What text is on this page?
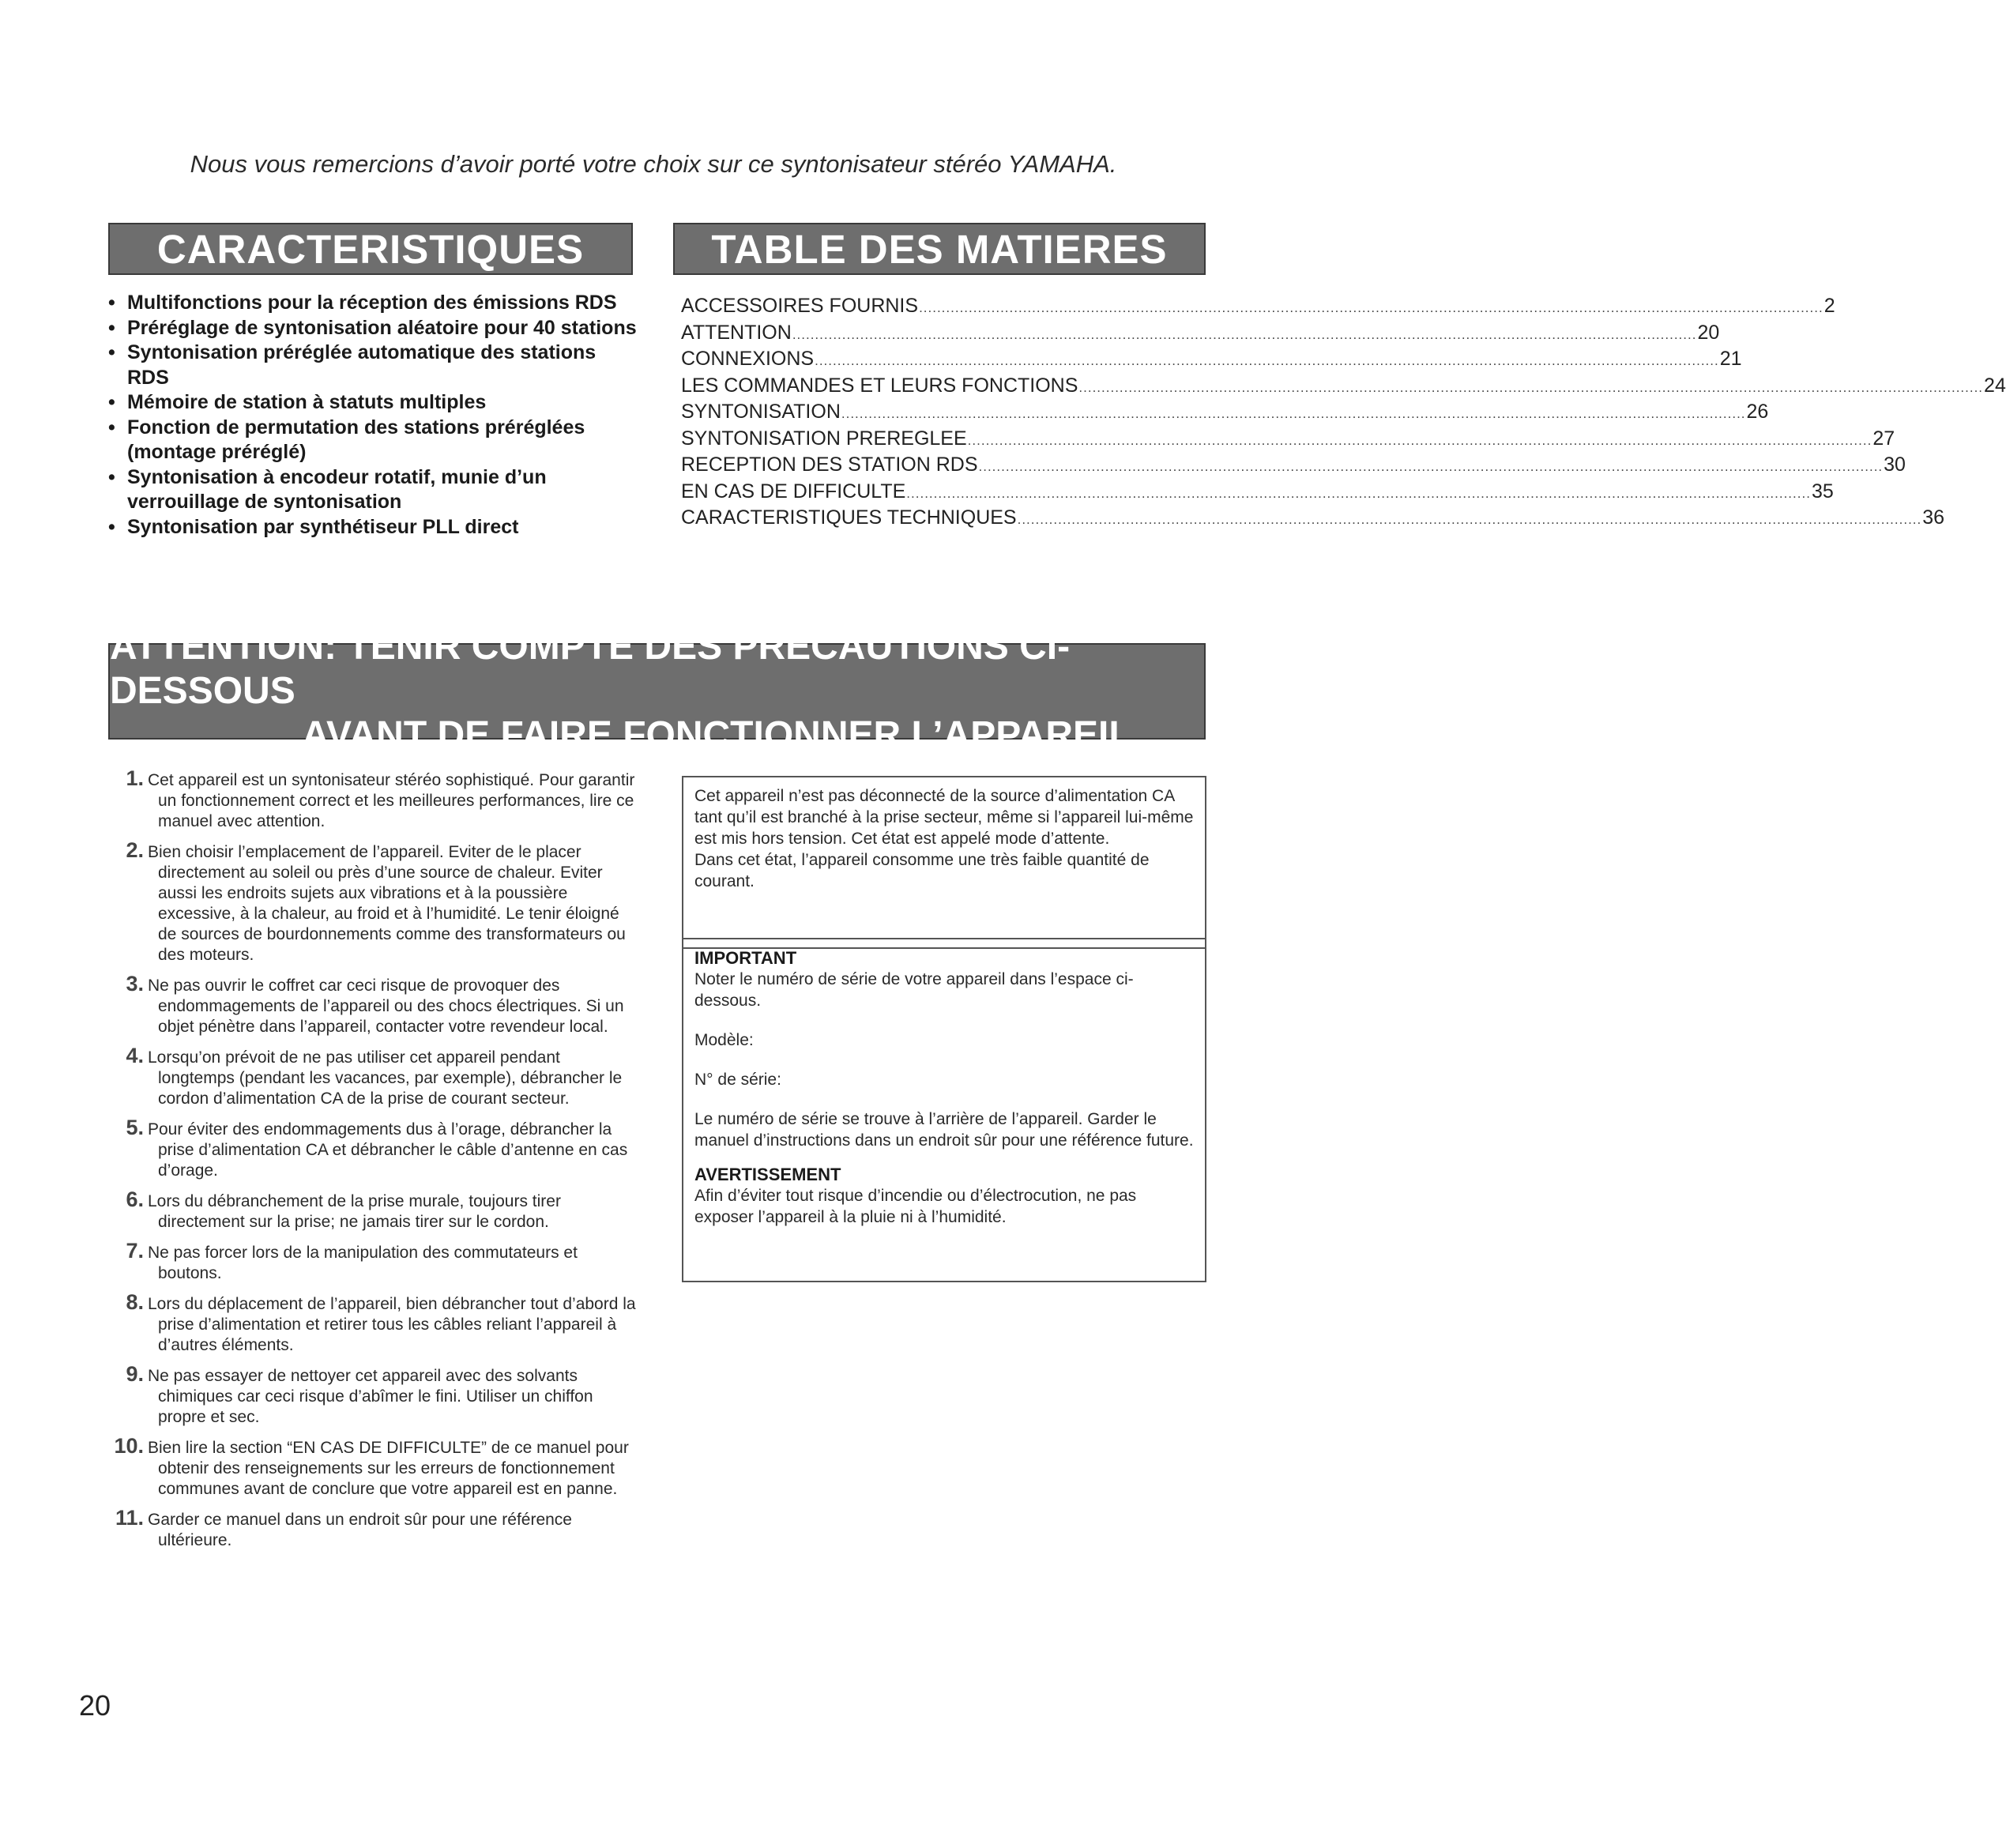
Nous vous remercions d’avoir porté votre choix sur ce syntonisateur stéréo YAMAHA.
CARACTERISTIQUES	TABLE DES MATIERES
• Multifonctions pour la réception des émissions RDS
• Préréglage de syntonisation aléatoire pour 40 stations
• Syntonisation préréglée automatique des stations RDS
• Mémoire de station à statuts multiples
• Fonction de permutation des stations préréglées (montage préréglé)
• Syntonisation à encodeur rotatif, munie d’un verrouillage de syntonisation
• Syntonisation par synthétiseur PLL direct
ACCESSOIRES FOURNIS ........................................................................................................................................................................................................ 2
ATTENTION ........................................................................................................................................................................................................ 20
CONNEXIONS ........................................................................................................................................................................................................ 21
LES COMMANDES ET LEURS FONCTIONS ........................................................................................................................................................................................................ 24
SYNTONISATION ........................................................................................................................................................................................................ 26
SYNTONISATION PREREGLEE ........................................................................................................................................................................................................ 27
RECEPTION DES STATION RDS ........................................................................................................................................................................................................ 30
EN CAS DE DIFFICULTE ........................................................................................................................................................................................................ 35
CARACTERISTIQUES TECHNIQUES ........................................................................................................................................................................................................ 36
ATTENTION: TENIR COMPTE DES PRECAUTIONS CI-DESSOUS
AVANT DE FAIRE FONCTIONNER L’APPAREIL.
1. Cet appareil est un syntonisateur stéréo sophistiqué. Pour garantir un fonctionnement correct et les meilleures performances, lire ce manuel avec attention.
2. Bien choisir l’emplacement de l’appareil. Eviter de le placer directement au soleil ou près d’une source de chaleur. Eviter aussi les endroits sujets aux vibrations et à la poussière excessive, à la chaleur, au froid et à l’humidité. Le tenir éloigné de sources de bourdonnements comme des transformateurs ou des moteurs.
3. Ne pas ouvrir le coffret car ceci risque de provoquer des endommagements de l’appareil ou des chocs électriques. Si un objet pénètre dans l’appareil, contacter votre revendeur local.
4. Lorsqu’on prévoit de ne pas utiliser cet appareil pendant longtemps (pendant les vacances, par exemple), débrancher le cordon d’alimentation CA de la prise de courant secteur.
5. Pour éviter des endommagements dus à l’orage, débrancher la prise d’alimentation CA et débrancher le câble d’antenne en cas d’orage.
6. Lors du débranchement de la prise murale, toujours tirer directement sur la prise; ne jamais tirer sur le cordon.
7. Ne pas forcer lors de la manipulation des commutateurs et boutons.
8. Lors du déplacement de l’appareil, bien débrancher tout d’abord la prise d’alimentation et retirer tous les câbles reliant l’appareil à d’autres éléments.
9. Ne pas essayer de nettoyer cet appareil avec des solvants chimiques car ceci risque d’abîmer le fini. Utiliser un chiffon propre et sec.
10. Bien lire la section “EN CAS DE DIFFICULTE” de ce manuel pour obtenir des renseignements sur les erreurs de fonctionnement communes avant de conclure que votre appareil est en panne.
11. Garder ce manuel dans un endroit sûr pour une référence ultérieure.

Cet appareil n’est pas déconnecté de la source d’alimentation CA tant qu’il est branché à la prise secteur, même si l’appareil lui-même est mis hors tension. Cet état est appelé mode d’attente.

Dans cet état, l’appareil consomme une très faible quantité de courant.

IMPORTANT

Noter le numéro de série de votre appareil dans l’espace ci-dessous.

Modèle:

N° de série:

Le numéro de série se trouve à l’arrière de l’appareil. Garder le manuel d’instructions dans un endroit sûr pour une référence future.

AVERTISSEMENT

Afin d’éviter tout risque d’incendie ou d’électrocution, ne pas exposer l’appareil à la pluie ni à l’humidité.

20
